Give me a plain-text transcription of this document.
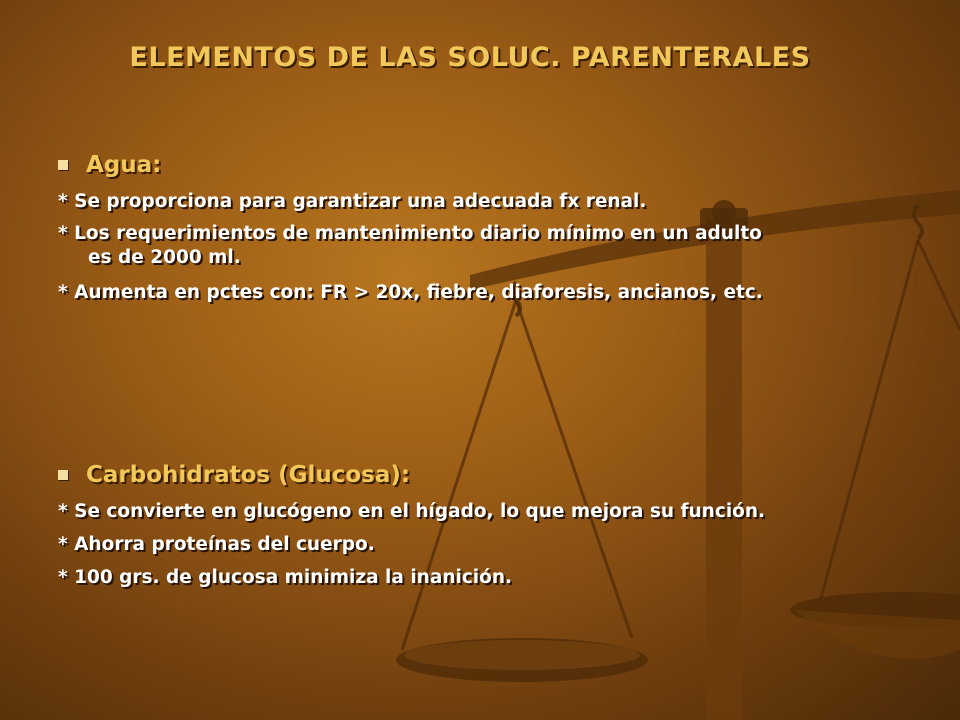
ELEMENTOS DE LAS SOLUC. PARENTERALES
Agua:
* Se proporciona para garantizar una adecuada fx renal.
* Los requerimientos de mantenimiento diario mínimo en un adulto
es de 2000 ml.
* Aumenta en pctes con: FR > 20x, fiebre, diaforesis, ancianos, etc.
Carbohidratos (Glucosa):
* Se convierte en glucógeno en el hígado, lo que mejora su función.
* Ahorra proteínas del cuerpo.
* 100 grs. de glucosa minimiza la inanición.
